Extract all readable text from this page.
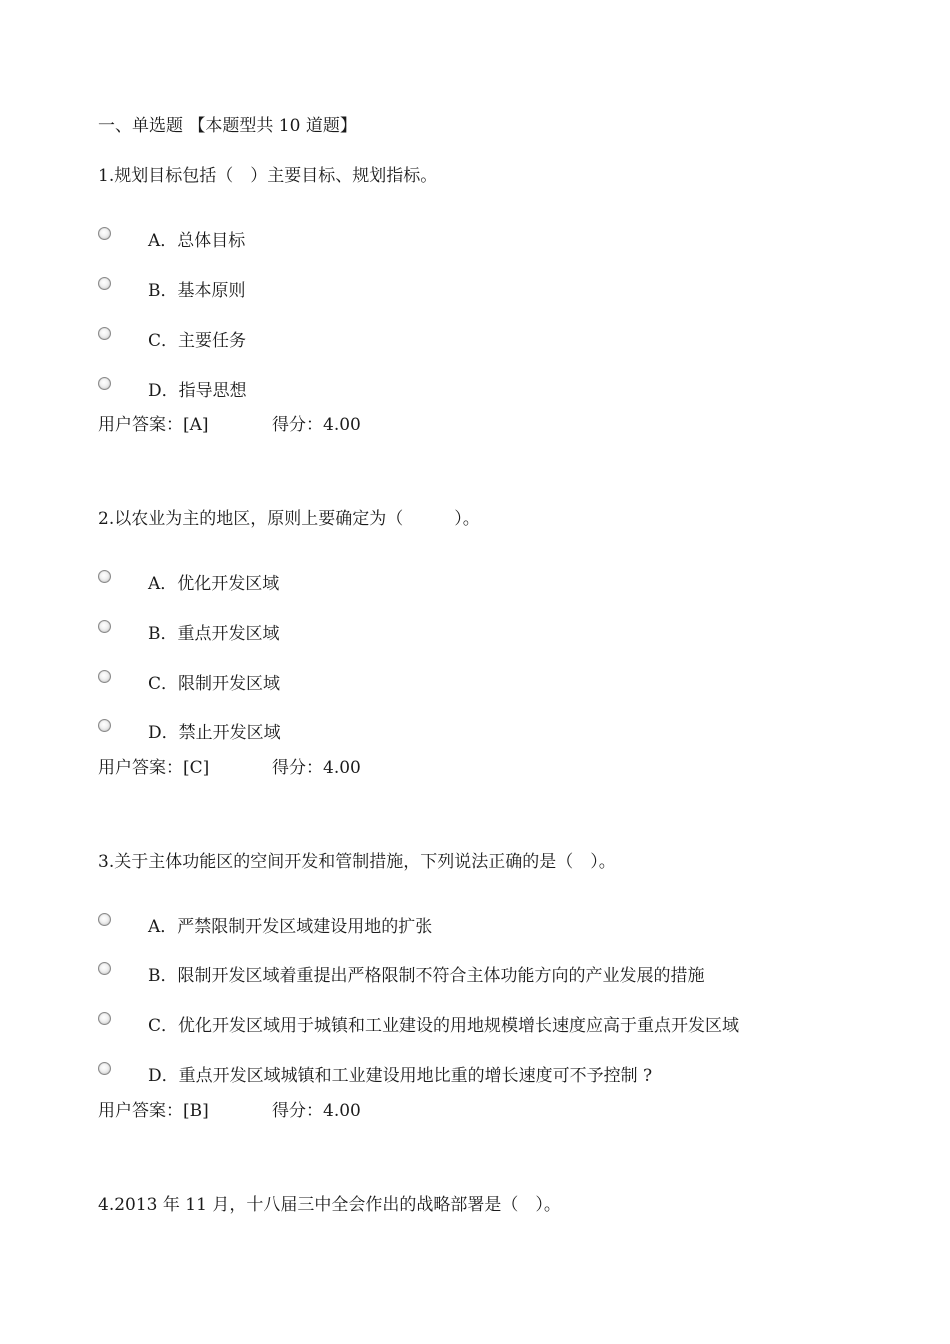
一、单选题 【本题型共 10 道题】
1.规划目标包括（　）主要目标、规划指标。
A．总体目标
B．基本原则
C．主要任务
D．指导思想
用户答案：[A]	得分：4.00
2.以农业为主的地区，原则上要确定为（　　　）。
A．优化开发区域
B．重点开发区域
C．限制开发区域
D．禁止开发区域
用户答案：[C]	得分：4.00
3.关于主体功能区的空间开发和管制措施，下列说法正确的是（　）。
A．严禁限制开发区域建设用地的扩张
B．限制开发区域着重提出严格限制不符合主体功能方向的产业发展的措施
C．优化开发区域用于城镇和工业建设的用地规模增长速度应高于重点开发区域
D．重点开发区域城镇和工业建设用地比重的增长速度可不予控制 ?
用户答案：[B]	得分：4.00
4.2013 年 11 月，十八届三中全会作出的战略部署是（　）。
